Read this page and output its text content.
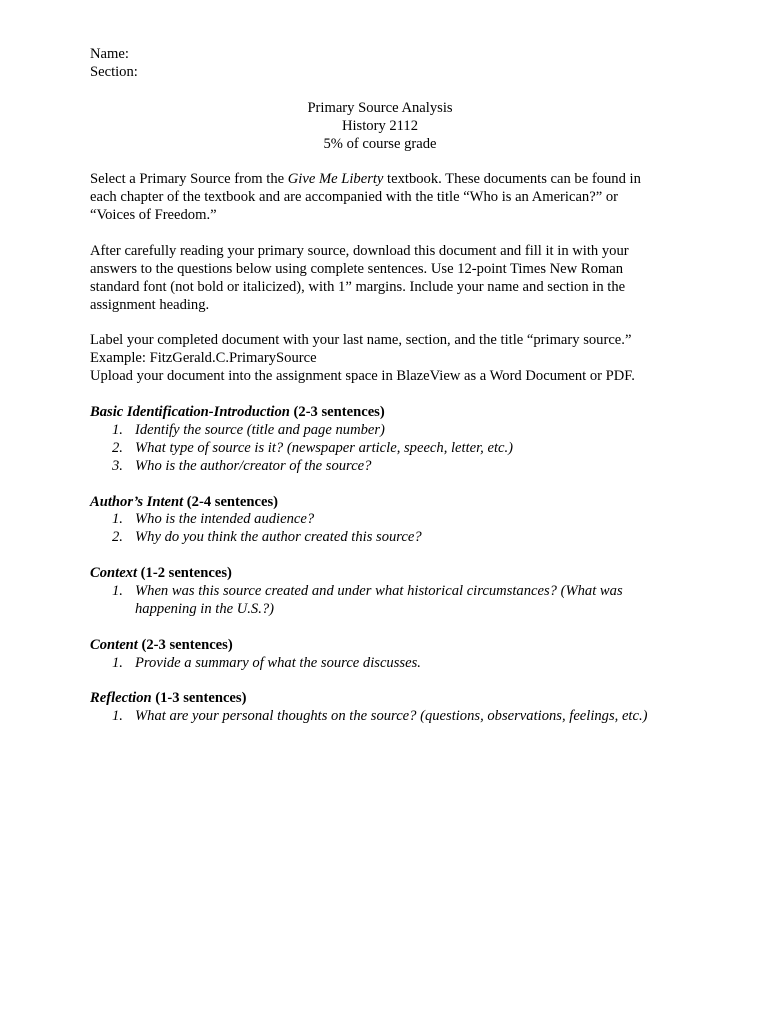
Name:
Section:
Primary Source Analysis
History 2112
5% of course grade
Select a Primary Source from the Give Me Liberty textbook. These documents can be found in
each chapter of the textbook and are accompanied with the title “Who is an American?” or
“Voices of Freedom.”
After carefully reading your primary source, download this document and fill it in with your
answers to the questions below using complete sentences. Use 12-point Times New Roman
standard font (not bold or italicized), with 1” margins. Include your name and section in the
assignment heading.
Label your completed document with your last name, section, and the title “primary source.”
Example: FitzGerald.C.PrimarySource
Upload your document into the assignment space in BlazeView as a Word Document or PDF.
Basic Identification-Introduction (2-3 sentences)
1. Identify the source (title and page number)
2. What type of source is it? (newspaper article, speech, letter, etc.)
3. Who is the author/creator of the source?
Author’s Intent (2-4 sentences)
1. Who is the intended audience?
2. Why do you think the author created this source?
Context (1-2 sentences)
1. When was this source created and under what historical circumstances? (What was
happening in the U.S.?)
Content (2-3 sentences)
1. Provide a summary of what the source discusses.
Reflection (1-3 sentences)
1. What are your personal thoughts on the source? (questions, observations, feelings, etc.)
